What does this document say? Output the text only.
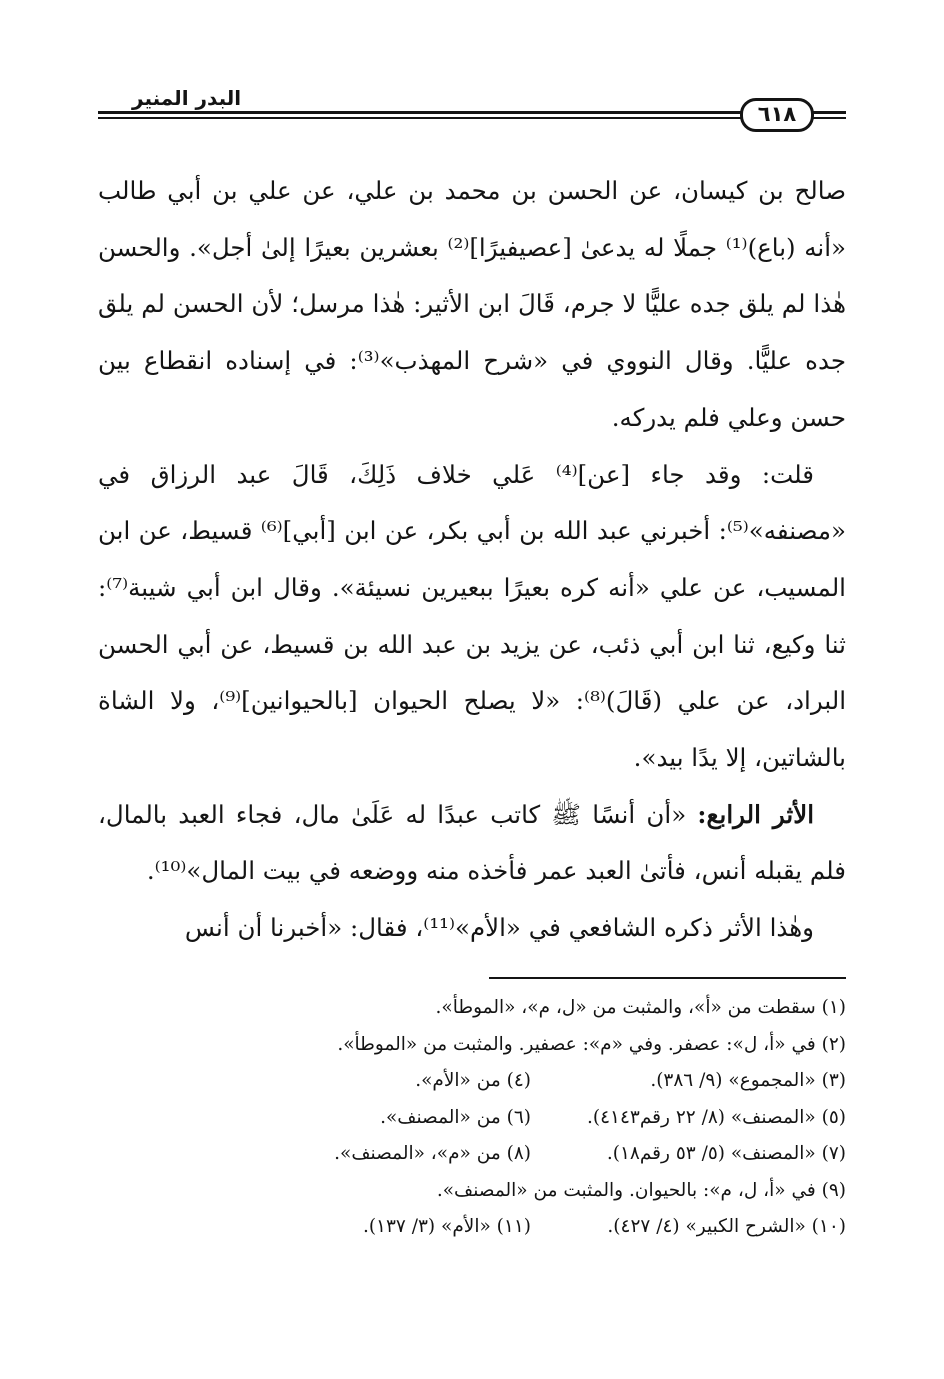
البدر المنير
٦١٨

صالح بن كيسان، عن الحسن بن محمد بن علي، عن علي بن أبي طالب «أنه (باع)⁽¹⁾ جملًا له يدعىٰ [عصيفيرًا]⁽²⁾ بعشرين بعيرًا إلىٰ أجل». والحسن هٰذا لم يلق جده عليًّا لا جرم، قَالَ ابن الأثير: هٰذا مرسل؛ لأن الحسن لم يلق جده عليًّا. وقال النووي في «شرح المهذب»⁽³⁾: في إسناده انقطاع بين حسن وعلي فلم يدركه.

قلت: وقد جاء [عن]⁽⁴⁾ عَلي خلاف ذَلِكَ، قَالَ عبد الرزاق في «مصنفه»⁽⁵⁾: أخبرني عبد الله بن أبي بكر، عن ابن [أبي]⁽⁶⁾ قسيط، عن ابن المسيب، عن علي «أنه كره بعيرًا ببعيرين نسيئة». وقال ابن أبي شيبة⁽⁷⁾: ثنا وكيع، ثنا ابن أبي ذئب، عن يزيد بن عبد الله بن قسيط، عن أبي الحسن البراد، عن علي (قَالَ)⁽⁸⁾: «لا يصلح الحيوان [بالحيوانين]⁽⁹⁾، ولا الشاة بالشاتين، إلا يدًا بيد».

الأثر الرابع: «أن أنسًا ﷺ كاتب عبدًا له عَلَىٰ مال، فجاء العبد بالمال، فلم يقبله أنس، فأتىٰ العبد عمر فأخذه منه ووضعه في بيت المال»⁽¹⁰⁾.

وهٰذا الأثر ذكره الشافعي في «الأم»⁽¹¹⁾، فقال: «أخبرنا أن أنس

(١) سقطت من «أ»، والمثبت من «ل، م»، «الموطأ».
(٢) في «أ، ل»: عصفر. وفي «م»: عصفير. والمثبت من «الموطأ».
(٣) «المجموع» (٩/ ٣٨٦).
(٤) من «الأم».
(٥) «المصنف» (٨/ ٢٢ رقم٤١٤٣).
(٦) من «المصنف».
(٧) «المصنف» (٥/ ٥٣ رقم١٨).
(٨) من «م»، «المصنف».
(٩) في «أ، ل، م»: بالحيوان. والمثبت من «المصنف».
(١٠) «الشرح الكبير» (٤/ ٤٢٧).
(١١) «الأم» (٣/ ١٣٧).
